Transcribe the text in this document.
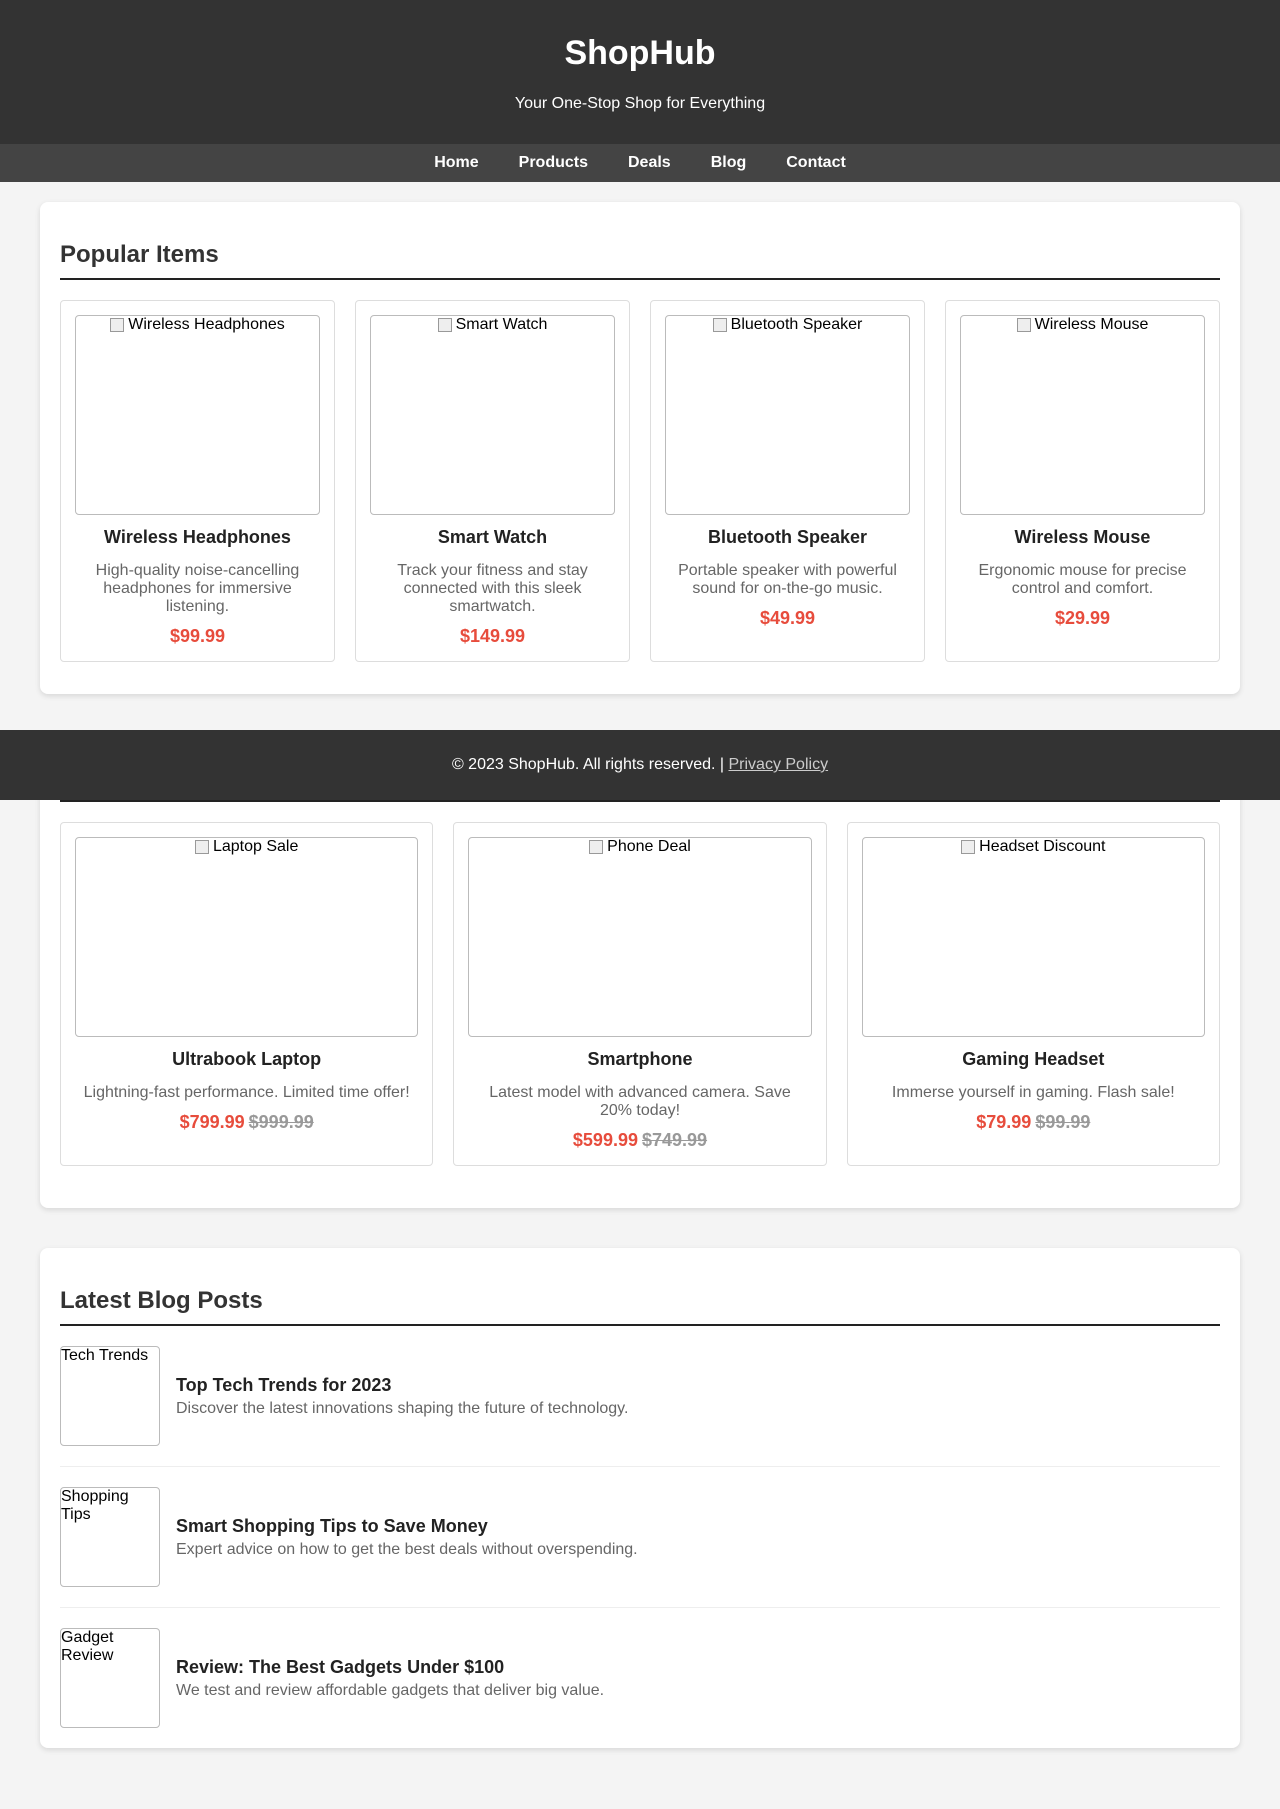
ShopHub

Your One-Stop Shop for Everything

Home	Products	Deals	Blog	Contact
Popular Items
Wireless Headphones
Wireless Headphones
High-quality noise-cancelling headphones for immersive listening.
$99.99
Smart Watch
Smart Watch
Track your fitness and stay connected with this sleek smartwatch.
$149.99
Bluetooth Speaker
Bluetooth Speaker
Portable speaker with powerful sound for on-the-go music.
$49.99
Wireless Mouse
Wireless Mouse
Ergonomic mouse for precise control and comfort.
$29.99
Laptop Sale
Ultrabook Laptop
Lightning-fast performance. Limited time offer!
$799.99 $999.99
Phone Deal
Smartphone
Latest model with advanced camera. Save 20% today!
$599.99 $749.99
Headset Discount
Gaming Headset
Immerse yourself in gaming. Flash sale!
$79.99 $99.99
Latest Blog Posts
Tech Trends
Top Tech Trends for 2023
Discover the latest innovations shaping the future of technology.
Shopping Tips
Smart Shopping Tips to Save Money
Expert advice on how to get the best deals without overspending.
Gadget Review
Review: The Best Gadgets Under $100
We test and review affordable gadgets that deliver big value.
© 2023 ShopHub. All rights reserved. | Privacy Policy
